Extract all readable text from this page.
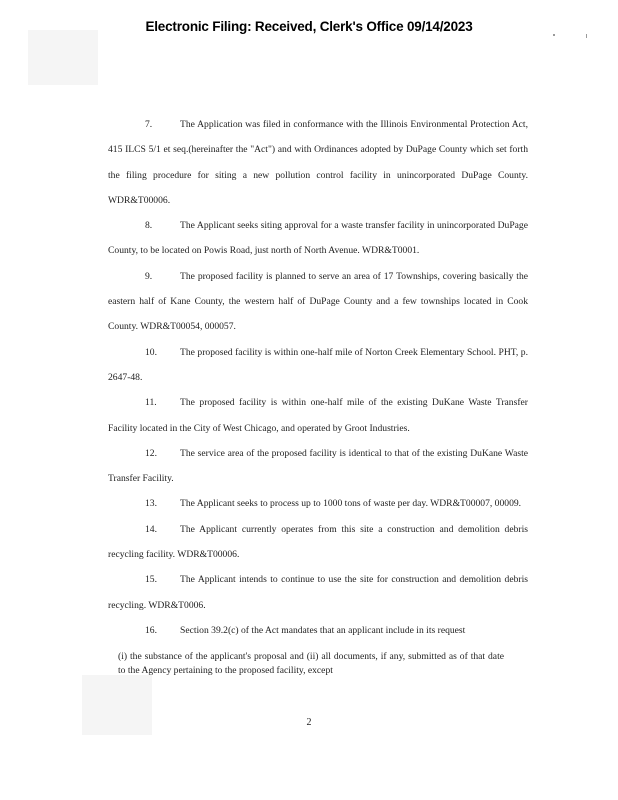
Electronic Filing: Received, Clerk's Office 09/14/2023

7.	The Application was filed in conformance with the Illinois Environmental Protection Act, 415 ILCS 5/1 et seq.(hereinafter the "Act") and with Ordinances adopted by DuPage County which set forth the filing procedure for siting a new pollution control facility in unincorporated DuPage County. WDR&T00006.

8.	The Applicant seeks siting approval for a waste transfer facility in unincorporated DuPage County, to be located on Powis Road, just north of North Avenue. WDR&T0001.

9.	The proposed facility is planned to serve an area of 17 Townships, covering basically the eastern half of Kane County, the western half of DuPage County and a few townships located in Cook County. WDR&T00054, 000057.

10. The proposed facility is within one-half mile of Norton Creek Elementary School. PHT, p. 2647-48.

11. The proposed facility is within one-half mile of the existing DuKane Waste Transfer Facility located in the City of West Chicago, and operated by Groot Industries.

12. The service area of the proposed facility is identical to that of the existing DuKane Waste Transfer Facility.

13. The Applicant seeks to process up to 1000 tons of waste per day. WDR&T00007, 00009.

14. The Applicant currently operates from this site a construction and demolition debris recycling facility. WDR&T00006.

15. The Applicant intends to continue to use the site for construction and demolition debris recycling. WDR&T0006.

16. Section 39.2(c) of the Act mandates that an applicant include in its request

(i) the substance of the applicant's proposal and (ii) all documents, if any, submitted as of that date to the Agency pertaining to the proposed facility, except

2
